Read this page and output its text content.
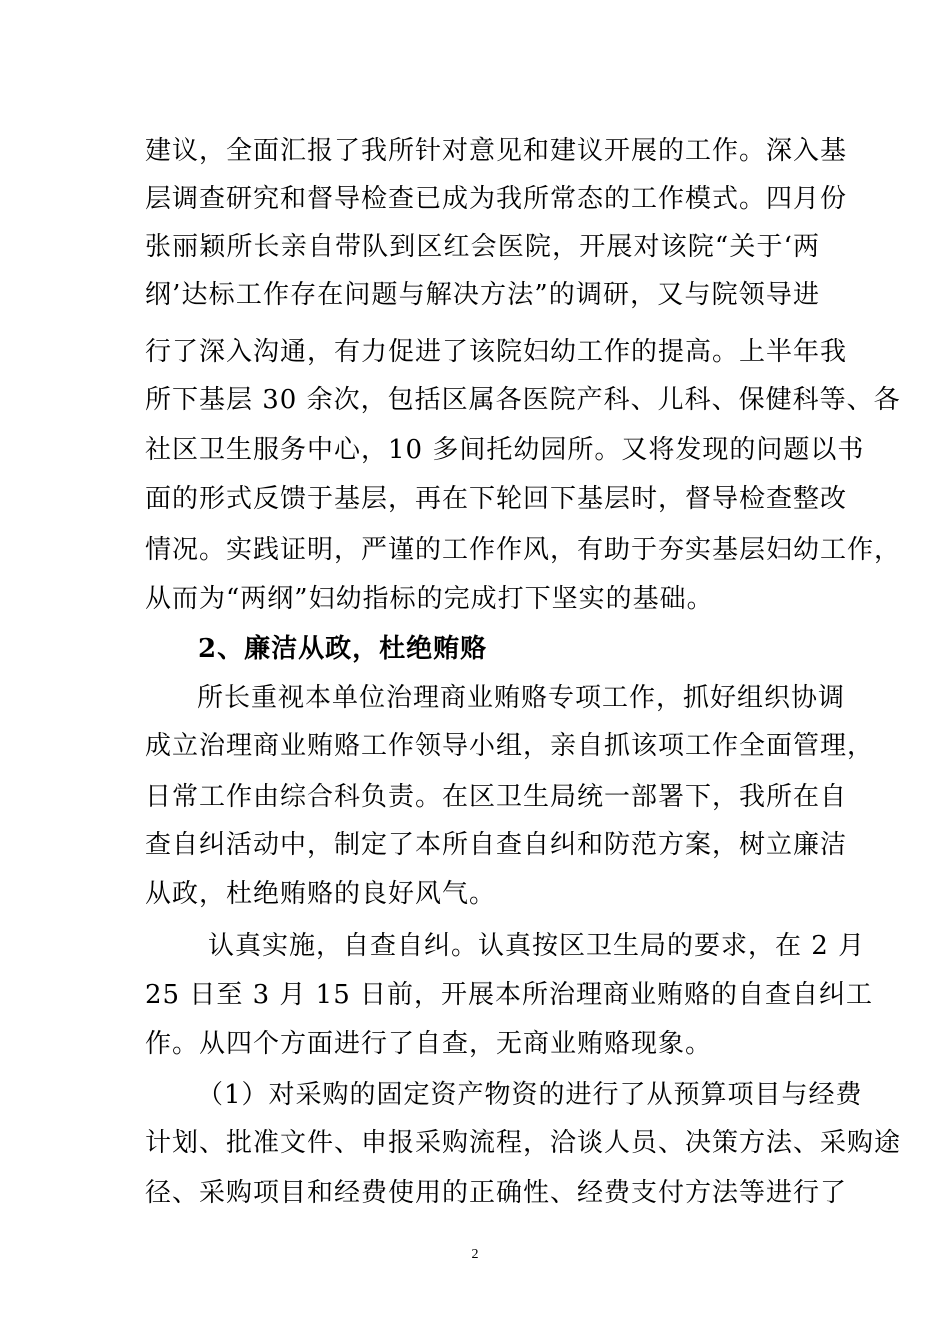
建议，全面汇报了我所针对意见和建议开展的工作。深入基
层调查研究和督导检查已成为我所常态的工作模式。四月份
张丽颖所长亲自带队到区红会医院，开展对该院“关于‘两
纲’达标工作存在问题与解决方法”的调研，又与院领导进
行了深入沟通，有力促进了该院妇幼工作的提高。上半年我
所下基层 30 余次，包括区属各医院产科、儿科、保健科等、各
社区卫生服务中心，10 多间托幼园所。又将发现的问题以书
面的形式反馈于基层，再在下轮回下基层时，督导检查整改
情况。实践证明，严谨的工作作风，有助于夯实基层妇幼工作，
从而为“两纲”妇幼指标的完成打下坚实的基础。
2、廉洁从政，杜绝贿赂
所长重视本单位治理商业贿赂专项工作，抓好组织协调
成立治理商业贿赂工作领导小组，亲自抓该项工作全面管理，
日常工作由综合科负责。在区卫生局统一部署下，我所在自
查自纠活动中，制定了本所自查自纠和防范方案，树立廉洁
从政，杜绝贿赂的良好风气。
认真实施，自查自纠。认真按区卫生局的要求，在 2 月
25 日至 3 月 15 日前，开展本所治理商业贿赂的自查自纠工
作。从四个方面进行了自查，无商业贿赂现象。
（1）对采购的固定资产物资的进行了从预算项目与经费
计划、批准文件、申报采购流程，洽谈人员、决策方法、采购途
径、采购项目和经费使用的正确性、经费支付方法等进行了
2
